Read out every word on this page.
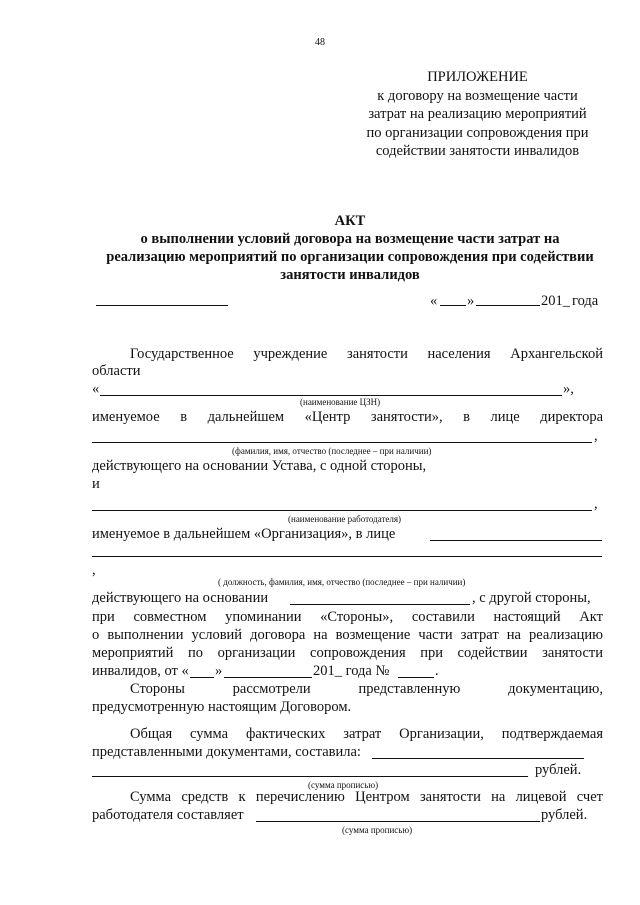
48
ПРИЛОЖЕНИЕ
к договору на возмещение части
затрат на реализацию мероприятий
по организации сопровождения при
содействии занятости инвалидов
АКТ
о выполнении условий договора на возмещение части затрат на
реализацию мероприятий по организации сопровождения при содействии
занятости инвалидов
« »	201_ года
Государственное учреждение занятости населения Архангельской
области
«	»,
(наименование ЦЗН)
именуемое в дальнейшем «Центр занятости», в лице директора
,
(фамилия, имя, отчество (последнее – при наличии)
действующего на основании Устава, с одной стороны,
и
,
(наименование работодателя)
именуемое в дальнейшем «Организация», в лице
,
( должность, фамилия, имя, отчество (последнее – при наличии)
действующего на основании	, с другой стороны,
при совместном упоминании «Стороны», составили настоящий Акт
о выполнении условий договора на возмещение части затрат на реализацию
мероприятий по организации сопровождения при содействии занятости
инвалидов, от « »	201_ года №	.
Стороны рассмотрели представленную документацию,
предусмотренную настоящим Договором.
Общая сумма фактических затрат Организации, подтверждаемая
представленными документами, составила:
рублей.
(сумма прописью)
Сумма средств к перечислению Центром занятости на лицевой счет
работодателя составляет	рублей.
(сумма прописью)
